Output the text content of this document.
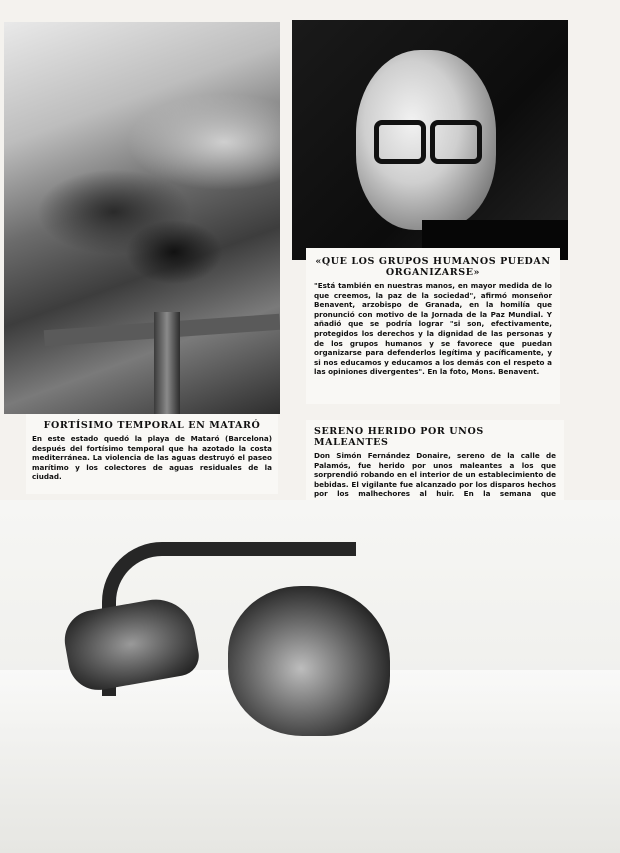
«QUE LOS GRUPOS HUMANOS PUEDAN ORGANIZARSE»

"Está también en nuestras manos, en mayor medida de lo que creemos, la paz de la sociedad", afirmó monseñor Benavent, arzobispo de Granada, en la homilía que pronunció con motivo de la Jornada de la Paz Mundial. Y añadió que se podría lograr "si son, efectivamente, protegidos los derechos y la dignidad de las personas y de los grupos humanos y se favorece que puedan organizarse para defenderlos legítima y pacíficamente, y si nos educamos y educamos a los demás con el respeto a las opiniones divergentes". En la foto, Mons. Benavent.

FORTÍSIMO TEMPORAL EN MATARÓ

En este estado quedó la playa de Mataró (Barcelona) después del fortísimo temporal que ha azotado la costa mediterránea. La violencia de las aguas destruyó el paseo marítimo y los colectores de aguas residuales de la ciudad.

SERENO HERIDO POR UNOS MALEANTES

Don Simón Fernández Donaire, sereno de la calle de Palamós, fue herido por unos maleantes a los que sorprendió robando en el interior de un establecimiento de bebidas. El vigilante fue alcanzado por los disparos hechos por los malhechores al huir. En la semana que
